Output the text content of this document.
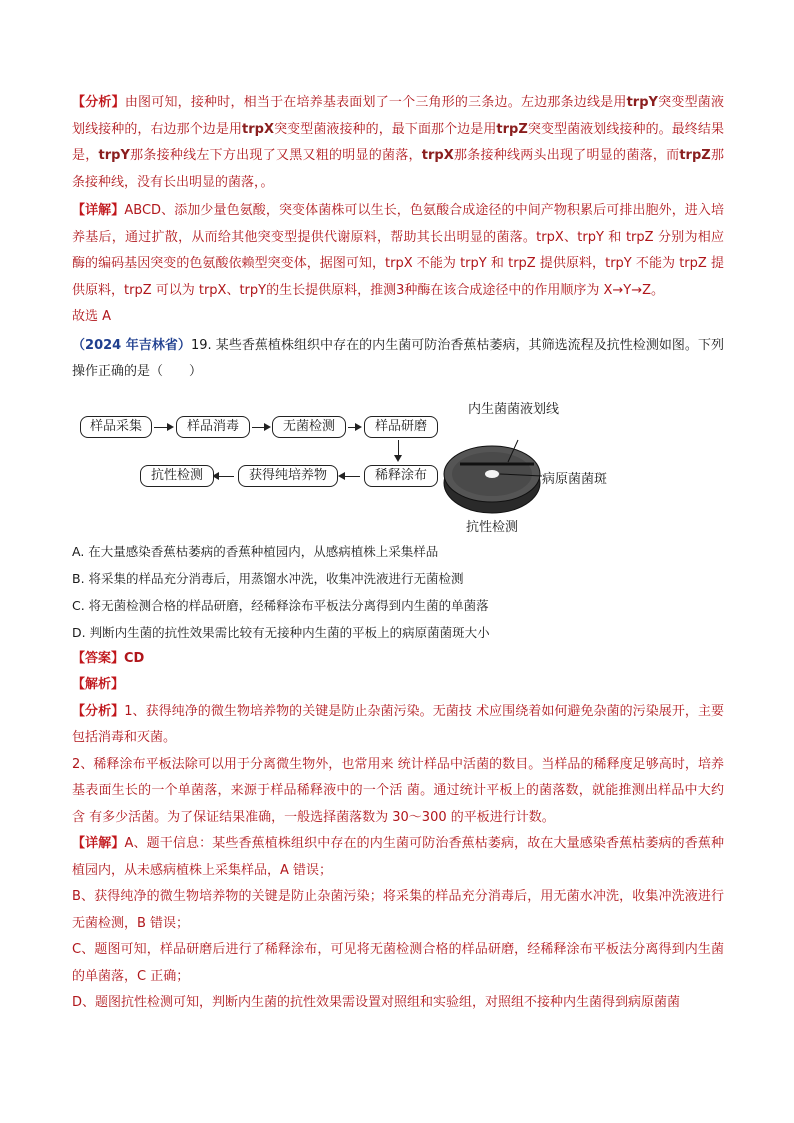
【分析】由图可知，接种时，相当于在培养基表面划了一个三角形的三条边。左边那条边线是用trpY突变型菌液划线接种的，右边那个边是用trpX突变型菌液接种的，最下面那个边是用trpZ突变型菌液划线接种的。最终结果是，trpY那条接种线左下方出现了又黑又粗的明显的菌落，trpX那条接种线两头出现了明显的菌落，而trpZ那条接种线，没有长出明显的菌落，。

【详解】ABCD、添加少量色氨酸，突变体菌株可以生长，色氨酸合成途径的中间产物积累后可排出胞外，进入培养基后，通过扩散，从而给其他突变型提供代谢原料，帮助其长出明显的菌落。trpX、trpY 和 trpZ 分别为相应酶的编码基因突变的色氨酸依赖型突变体，据图可知，trpX 不能为 trpY 和 trpZ 提供原料，trpY 不能为 trpZ 提供原料，trpZ 可以为 trpX、trpY的生长提供原料，推测3种酶在该合成途径中的作用顺序为 X→Y→Z。

故选 A

（2024 年吉林省）19. 某些香蕉植株组织中存在的内生菌可防治香蕉枯萎病，其筛选流程及抗性检测如图。下列操作正确的是（　　）

样品采集	样品消毒	无菌检测	样品研磨
稀释涂布
获得纯培养物
抗性检测
内生菌菌液划线
病原菌菌斑
抗性检测

A. 在大量感染香蕉枯萎病的香蕉种植园内，从感病植株上采集样品

B. 将采集的样品充分消毒后，用蒸馏水冲洗，收集冲洗液进行无菌检测

C. 将无菌检测合格的样品研磨，经稀释涂布平板法分离得到内生菌的单菌落

D. 判断内生菌的抗性效果需比较有无接种内生菌的平板上的病原菌菌斑大小

【答案】CD

【解析】

【分析】1、获得纯净的微生物培养物的关键是防止杂菌污染。无菌技 术应围绕着如何避免杂菌的污染展开，主要包括消毒和灭菌。

2、稀释涂布平板法除可以用于分离微生物外，也常用来 统计样品中活菌的数目。当样品的稀释度足够高时，培养 基表面生长的一个单菌落，来源于样品稀释液中的一个活 菌。通过统计平板上的菌落数，就能推测出样品中大约含 有多少活菌。为了保证结果准确，一般选择菌落数为 30～300 的平板进行计数。

【详解】A、题干信息：某些香蕉植株组织中存在的内生菌可防治香蕉枯萎病，故在大量感染香蕉枯萎病的香蕉种植园内，从未感病植株上采集样品，A 错误；

B、获得纯净的微生物培养物的关键是防止杂菌污染；将采集的样品充分消毒后，用无菌水冲洗，收集冲洗液进行无菌检测，B 错误；

C、题图可知，样品研磨后进行了稀释涂布，可见将无菌检测合格的样品研磨，经稀释涂布平板法分离得到内生菌的单菌落，C 正确；

D、题图抗性检测可知，判断内生菌的抗性效果需设置对照组和实验组，对照组不接种内生菌得到病原菌菌
